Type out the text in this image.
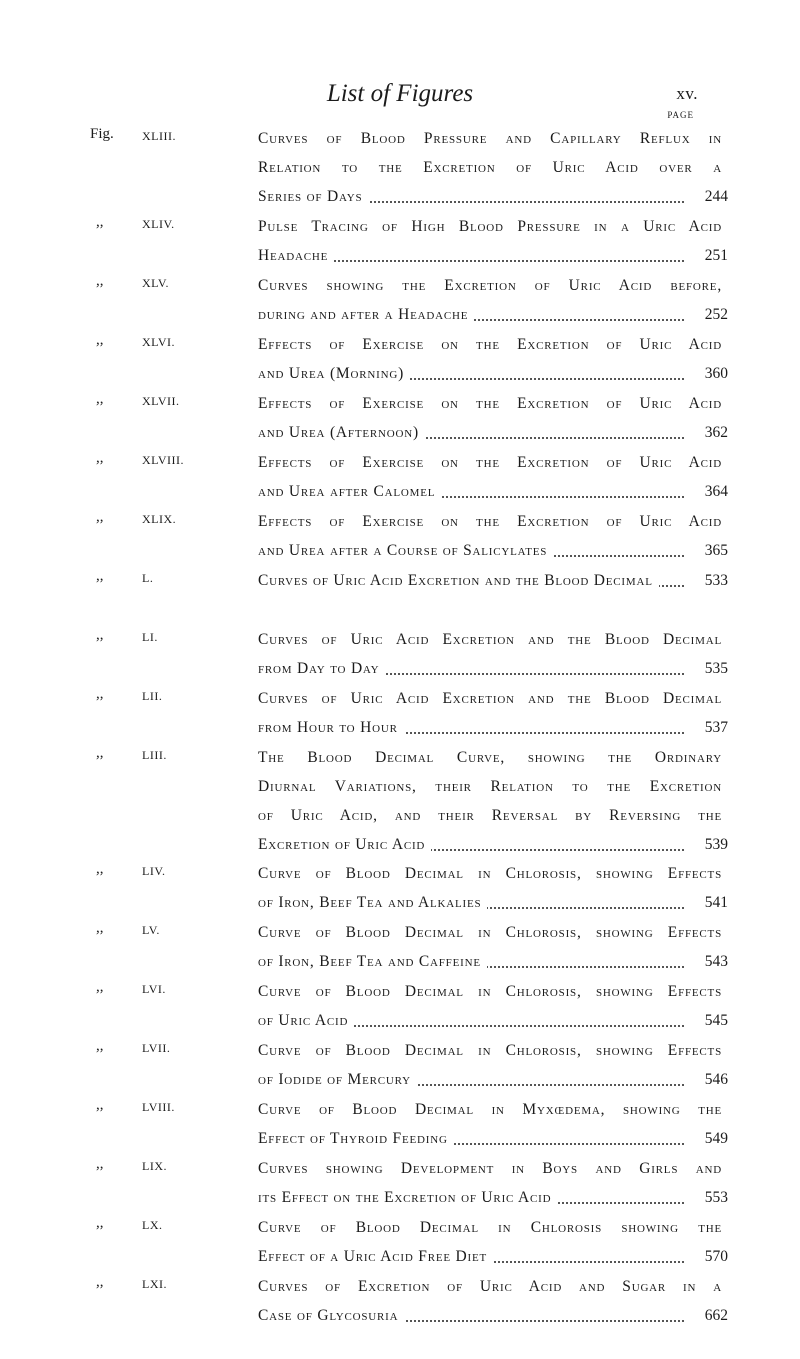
List of Figures	xv.
PAGE
Fig. XLIII.	Curves of Blood Pressure and Capillary Reflux in
Relation to the Excretion of Uric Acid over a
Series of Days	244
,,	XLIV.	Pulse Tracing of High Blood Pressure in a Uric Acid
Headache	251
,,	XLV.	Curves showing the Excretion of Uric Acid before,
during and after a Headache	252
,,	XLVI.	Effects of Exercise on the Excretion of Uric Acid
and Urea (Morning)	360
,,	XLVII.	Effects of Exercise on the Excretion of Uric Acid
and Urea (Afternoon)	362
,,	XLVIII.	Effects of Exercise on the Excretion of Uric Acid
and Urea after Calomel	364
,,	XLIX.	Effects of Exercise on the Excretion of Uric Acid
and Urea after a Course of Salicylates	365
,,	L.	Curves of Uric Acid Excretion and the Blood Decimal	533
,,	LI.	Curves of Uric Acid Excretion and the Blood Decimal
from Day to Day	535
,,	LII.	Curves of Uric Acid Excretion and the Blood Decimal
from Hour to Hour	537
,,	LIII.	The Blood Decimal Curve, showing the Ordinary
Diurnal Variations, their Relation to the Excretion
of Uric Acid, and their Reversal by Reversing the
Excretion of Uric Acid	539
,,	LIV.	Curve of Blood Decimal in Chlorosis, showing Effects
of Iron, Beef Tea and Alkalies	541
,,	LV.	Curve of Blood Decimal in Chlorosis, showing Effects
of Iron, Beef Tea and Caffeine	543
,,	LVI.	Curve of Blood Decimal in Chlorosis, showing Effects
of Uric Acid	545
,,	LVII.	Curve of Blood Decimal in Chlorosis, showing Effects
of Iodide of Mercury	546
,,	LVIII.	Curve of Blood Decimal in Myxœdema, showing the
Effect of Thyroid Feeding	549
,,	LIX.	Curves showing Development in Boys and Girls and
its Effect on the Excretion of Uric Acid	553
,,	LX.	Curve of Blood Decimal in Chlorosis showing the
Effect of a Uric Acid Free Diet	570
,,	LXI.	Curves of Excretion of Uric Acid and Sugar in a
Case of Glycosuria	662
